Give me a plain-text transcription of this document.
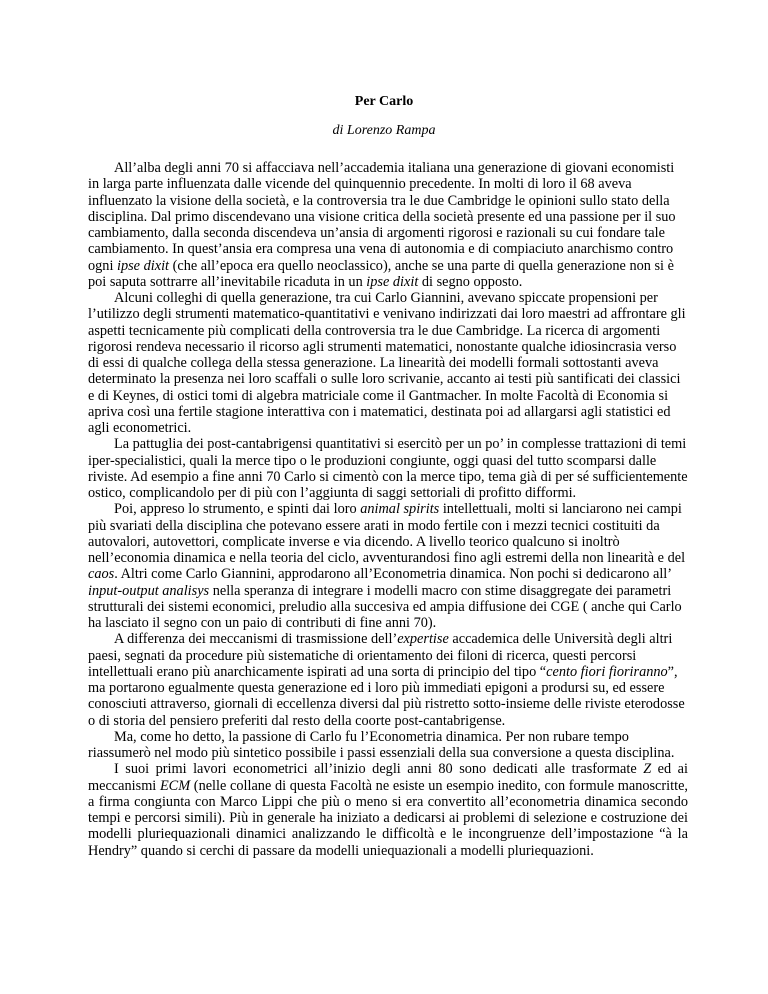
Per Carlo
di Lorenzo Rampa

All’alba degli anni 70 si affacciava nell’accademia italiana una generazione di giovani economisti in larga parte influenzata dalle vicende del quinquennio precedente. In molti di loro il 68 aveva influenzato la visione della società, e la controversia tra le due Cambridge le opinioni sullo stato della disciplina. Dal primo discendevano una visione critica della società presente ed una passione per il suo cambiamento, dalla seconda discendeva un’ansia di argomenti rigorosi e razionali su cui fondare tale cambiamento. In quest’ansia era compresa una vena di autonomia e di compiaciuto anarchismo contro ogni ipse dixit (che all’epoca era quello neoclassico), anche se una parte di quella generazione non si è poi saputa sottrarre all’inevitabile ricaduta in un ipse dixit di segno opposto.

Alcuni colleghi di quella generazione, tra cui Carlo Giannini, avevano spiccate propensioni per l’utilizzo degli strumenti matematico-quantitativi e venivano indirizzati dai loro maestri ad affrontare gli aspetti tecnicamente più complicati della controversia tra le due Cambridge. La ricerca di argomenti rigorosi rendeva necessario il ricorso agli strumenti matematici, nonostante qualche idiosincrasia verso di essi di qualche collega della stessa generazione. La linearità dei modelli formali sottostanti aveva determinato la presenza nei loro scaffali o sulle loro scrivanie, accanto ai testi più santificati dei classici e di Keynes, di ostici tomi di algebra matriciale come il Gantmacher. In molte Facoltà di Economia si apriva così una fertile stagione interattiva con i matematici, destinata poi ad allargarsi agli statistici ed agli econometrici.

La pattuglia dei post-cantabrigensi quantitativi si esercitò per un po’ in complesse trattazioni di temi iper-specialistici, quali la merce tipo o le produzioni congiunte, oggi quasi del tutto scomparsi dalle riviste. Ad esempio a fine anni 70 Carlo si cimentò con la merce tipo, tema già di per sé sufficientemente ostico, complicandolo per di più con l’aggiunta di saggi settoriali di profitto difformi.

Poi, appreso lo strumento, e spinti dai loro animal spirits intellettuali, molti si lanciarono nei campi più svariati della disciplina che potevano essere arati in modo fertile con i mezzi tecnici costituiti da autovalori, autovettori, complicate inverse e via dicendo. A livello teorico qualcuno si inoltrò nell’economia dinamica e nella teoria del ciclo, avventurandosi fino agli estremi della non linearità e del caos. Altri come Carlo Giannini, approdarono all’Econometria dinamica. Non pochi si dedicarono all’ input-output analisys nella speranza di integrare i modelli macro con stime disaggregate dei parametri strutturali dei sistemi economici, preludio alla succesiva ed ampia diffusione dei CGE ( anche qui Carlo ha lasciato il segno con un paio di contributi di fine anni 70).

A differenza dei meccanismi di trasmissione dell’expertise accademica delle Università degli altri paesi, segnati da procedure più sistematiche di orientamento dei filoni di ricerca, questi percorsi intellettuali erano più anarchicamente ispirati ad una sorta di principio del tipo “cento fiori fioriranno”, ma portarono egualmente questa generazione ed i loro più immediati epigoni a prodursi su, ed essere conosciuti attraverso, giornali di eccellenza diversi dal più ristretto sotto-insieme delle riviste eterodosse o di storia del pensiero preferiti dal resto della coorte post-cantabrigense.

Ma, come ho detto, la passione di Carlo fu l’Econometria dinamica. Per non rubare tempo riassumerò nel modo più sintetico possibile i passi essenziali della sua conversione a questa disciplina.

I suoi primi lavori econometrici all’inizio degli anni 80 sono dedicati alle trasformate Z ed ai meccanismi ECM (nelle collane di questa Facoltà ne esiste un esempio inedito, con formule manoscritte, a firma congiunta con Marco Lippi che più o meno si era convertito all’econometria dinamica secondo tempi e percorsi simili). Più in generale ha iniziato a dedicarsi ai problemi di selezione e costruzione dei modelli pluriequazionali dinamici analizzando le difficoltà e le incongruenze dell’impostazione “à la Hendry” quando si cerchi di passare da modelli uniequazionali a modelli pluriequazioni.
